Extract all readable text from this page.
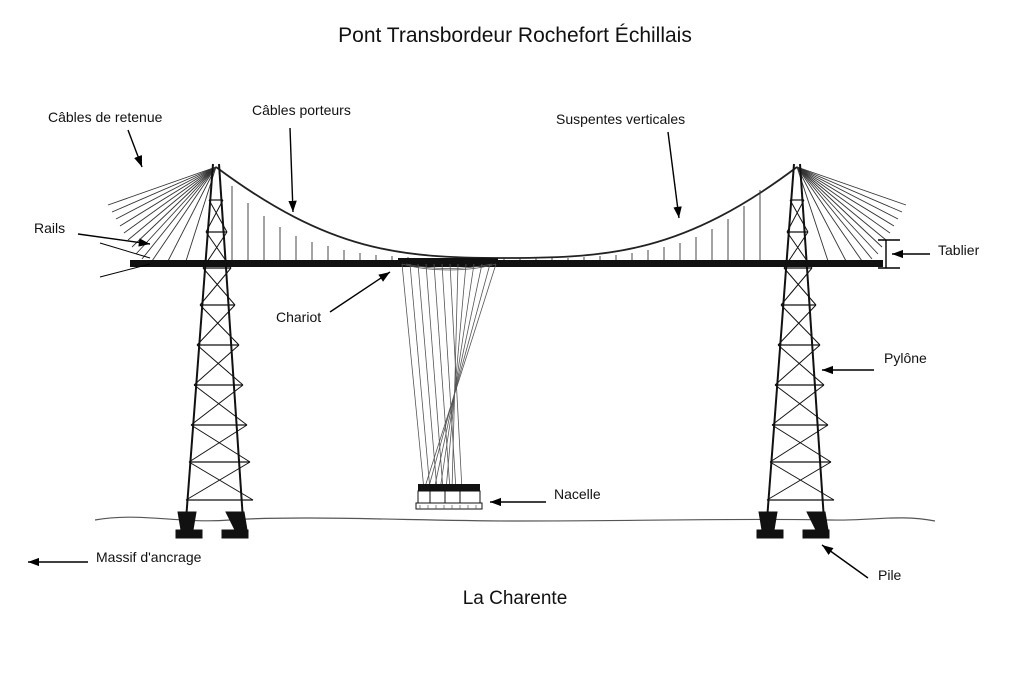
Pont Transbordeur Rochefort Échillais
Câbles de retenue	Câbles porteurs
Suspentes verticales
Rails
Tablier
Chariot
Pylône
Nacelle
Massif d'ancrage
Pile
La Charente
